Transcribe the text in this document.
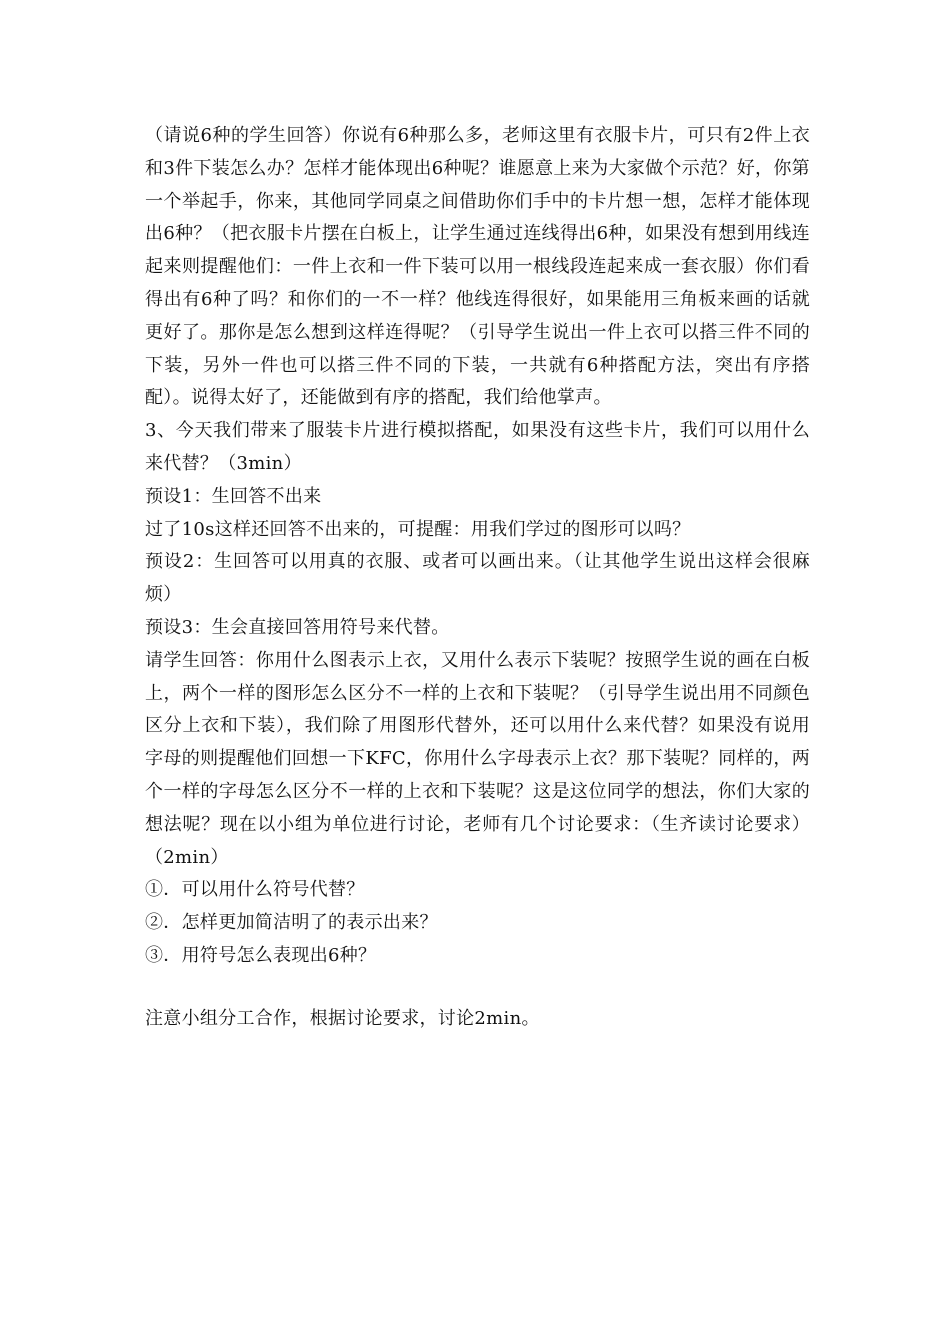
（请说6种的学生回答）你说有6种那么多，老师这里有衣服卡片，可只有2件上衣和3件下装怎么办？怎样才能体现出6种呢？谁愿意上来为大家做个示范？好，你第一个举起手，你来，其他同学同桌之间借助你们手中的卡片想一想，怎样才能体现出6种？（把衣服卡片摆在白板上，让学生通过连线得出6种，如果没有想到用线连起来则提醒他们：一件上衣和一件下装可以用一根线段连起来成一套衣服）你们看得出有6种了吗？和你们的一不一样？他线连得很好，如果能用三角板来画的话就更好了。那你是怎么想到这样连得呢？（引导学生说出一件上衣可以搭三件不同的下装，另外一件也可以搭三件不同的下装，一共就有6种搭配方法，突出有序搭配）。说得太好了，还能做到有序的搭配，我们给他掌声。

3、今天我们带来了服装卡片进行模拟搭配，如果没有这些卡片，我们可以用什么来代替？（3min）

预设1：生回答不出来

过了10s这样还回答不出来的，可提醒：用我们学过的图形可以吗？

预设2：生回答可以用真的衣服、或者可以画出来。（让其他学生说出这样会很麻烦）

预设3：生会直接回答用符号来代替。

请学生回答：你用什么图表示上衣，又用什么表示下装呢？按照学生说的画在白板上，两个一样的图形怎么区分不一样的上衣和下装呢？（引导学生说出用不同颜色区分上衣和下装），我们除了用图形代替外，还可以用什么来代替？如果没有说用字母的则提醒他们回想一下KFC，你用什么字母表示上衣？那下装呢？同样的，两个一样的字母怎么区分不一样的上衣和下装呢？这是这位同学的想法，你们大家的想法呢？现在以小组为单位进行讨论，老师有几个讨论要求：（生齐读讨论要求）（2min）

①．可以用什么符号代替？

②．怎样更加简洁明了的表示出来？

③．用符号怎么表现出6种？

注意小组分工合作，根据讨论要求，讨论2min。
